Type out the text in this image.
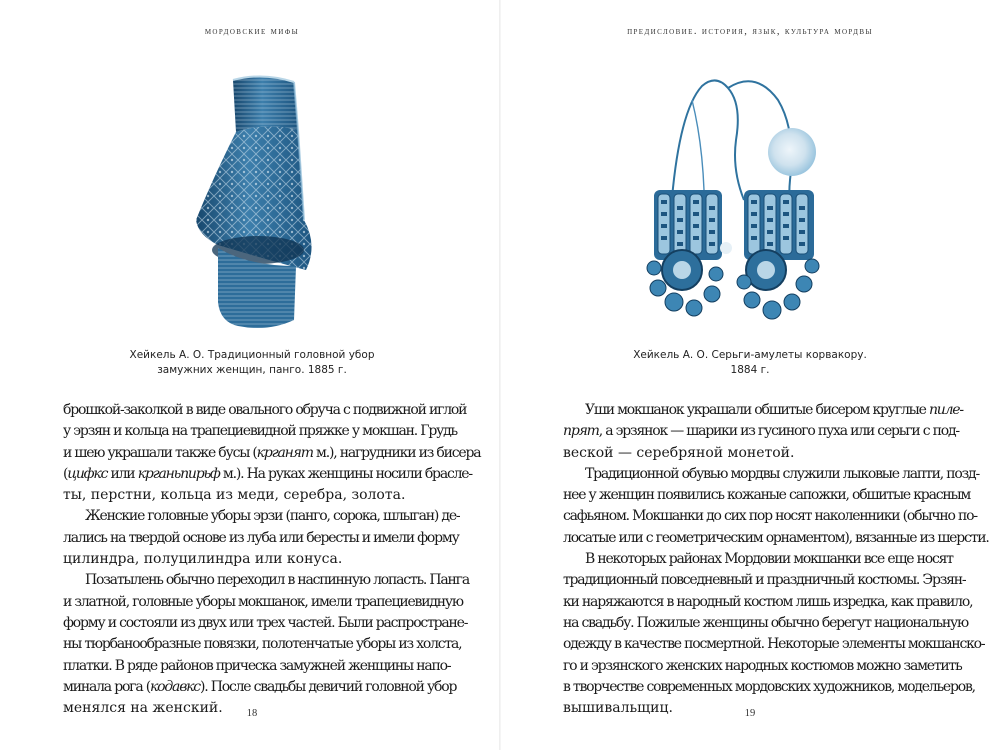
мордовские мифы
Хейкель А. О. Традиционный головной убор
замужних женщин, панго. 1885 г.
брошкой-заколкой в виде овального обруча с подвижной иглой
у эрзян и кольца на трапециевидной пряжке у мокшан. Грудь
и шею украшали также бусы (крганят м.), нагрудники из бисера
(цифкс или крганьпирьф м.). На руках женщины носили брасле-
ты, перстни, кольца из меди, серебра, золота.
Женские головные уборы эрзи (панго, сорока, шлыган) де-
лались на твердой основе из луба или бересты и имели форму
цилиндра, полуцилиндра или конуса.
Позатылень обычно переходил в наспинную лопасть. Панга
и злaтной, головные уборы мокшанок, имели трапециевидную
форму и состояли из двух или трех частей. Были распростране-
ны тюрбанообразные повязки, полотенчатые уборы из холста,
платки. В ряде районов прическа замужней женщины напо-
минала рога (кодавкс). После свадьбы девичий головной убор
менялся на женский.	18
предисловие. история, язык, культура мордвы
Хейкель А. О. Серьги-амулеты корвакору.
1884 г.
Уши мокшанок украшали обшитые бисером круглые пиле-
прят, а эрзянок — шарики из гусиного пуха или серьги с под-
веской — серебряной монетой.
Традиционной обувью мордвы служили лыковые лапти, позд-
нее у женщин появились кожаные сапожки, обшитые красным
сафьяном. Мокшанки до сих пор носят наколенники (обычно по-
лосатые или с геометрическим орнаментом), вязанные из шерсти.
В некоторых районах Мордовии мокшанки все еще носят
традиционный повседневный и праздничный костюмы. Эрзян-
ки наряжаются в народный костюм лишь изредка, как правило,
на свадьбу. Пожилые женщины обычно берегут национальную
одежду в качестве посмертной. Некоторые элементы мокшанско-
го и эрзянского женских народных костюмов можно заметить
в творчестве современных мордовских художников, модельеров,
вышивальщиц.	19
